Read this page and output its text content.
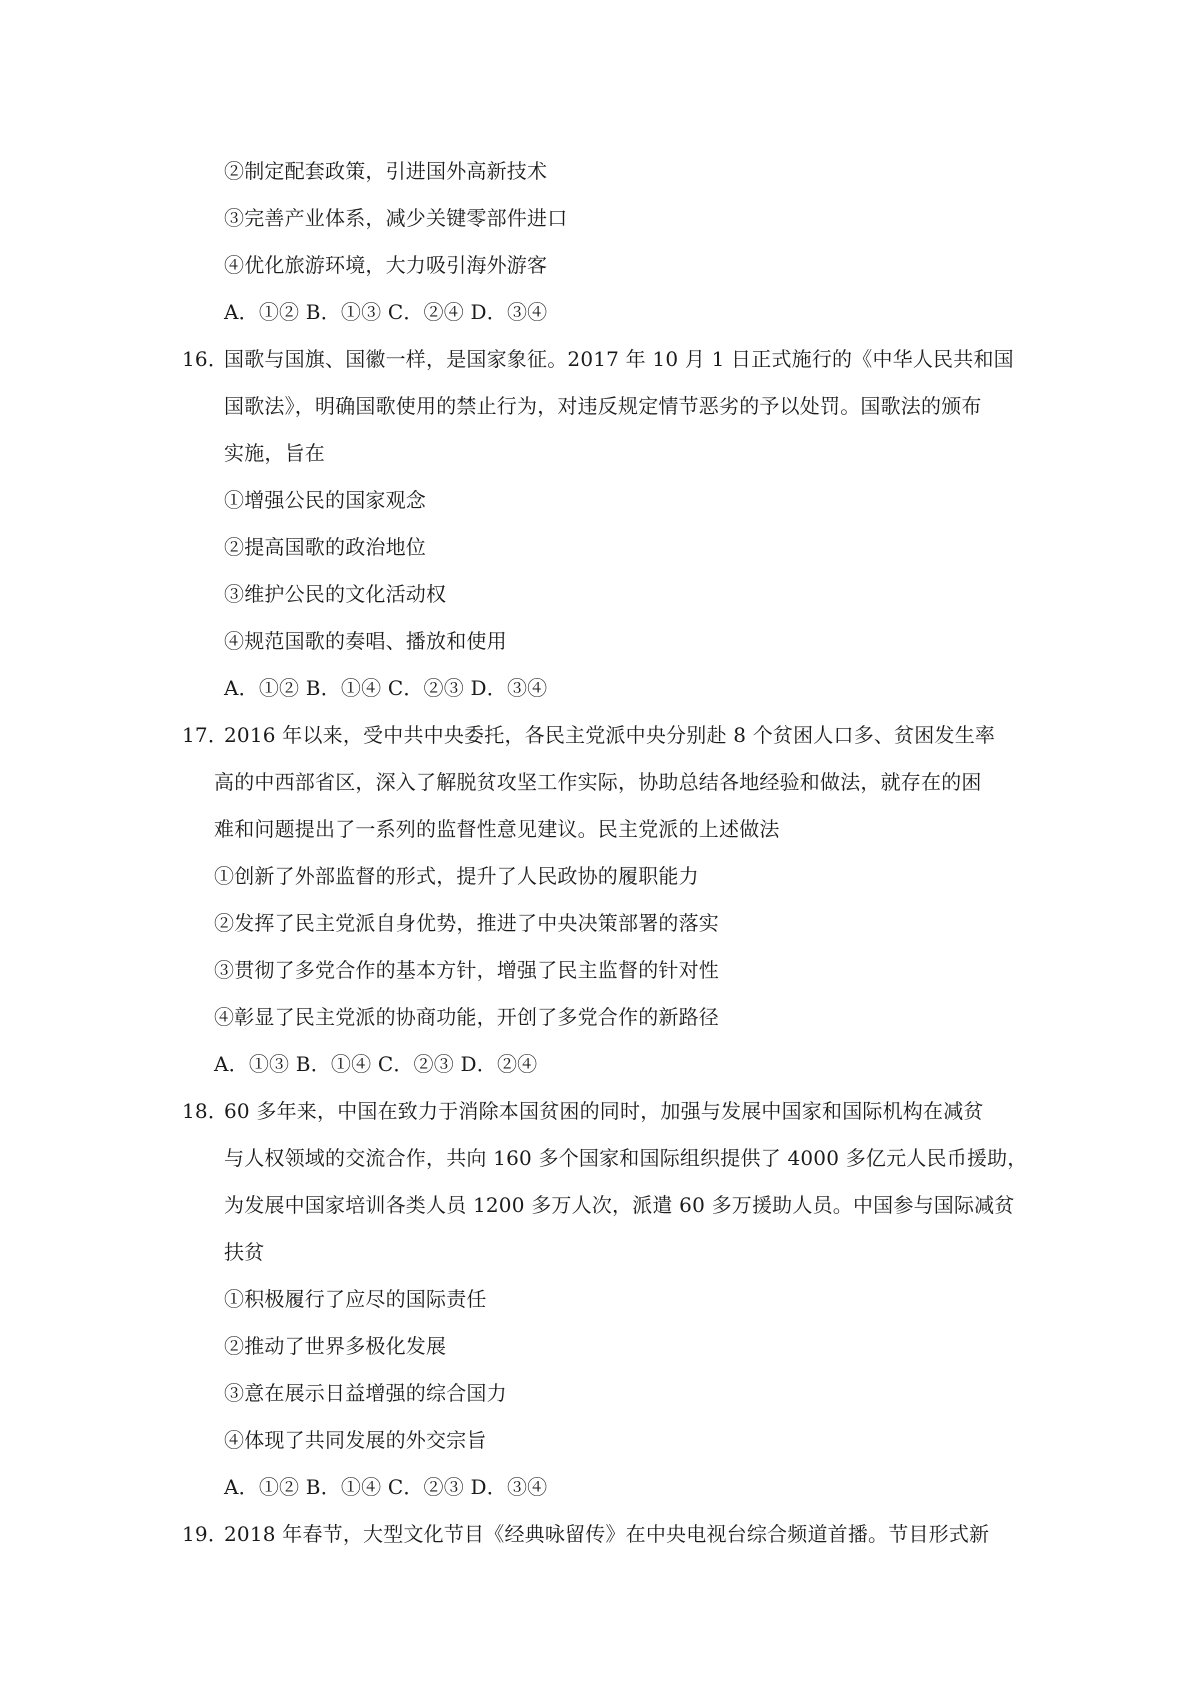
②制定配套政策，引进国外高新技术
③完善产业体系，减少关键零部件进口
④优化旅游环境，大力吸引海外游客
A．①② B．①③ C．②④ D．③④
16．国歌与国旗、国徽一样，是国家象征。2017 年 10 月 1 日正式施行的《中华人民共和国
国歌法》，明确国歌使用的禁止行为，对违反规定情节恶劣的予以处罚。国歌法的颁布
实施，旨在
①增强公民的国家观念
②提高国歌的政治地位
③维护公民的文化活动权
④规范国歌的奏唱、播放和使用
A．①② B．①④ C．②③ D．③④
17．2016 年以来，受中共中央委托，各民主党派中央分别赴 8 个贫困人口多、贫困发生率
高的中西部省区，深入了解脱贫攻坚工作实际，协助总结各地经验和做法，就存在的困
难和问题提出了一系列的监督性意见建议。民主党派的上述做法
①创新了外部监督的形式，提升了人民政协的履职能力
②发挥了民主党派自身优势，推进了中央决策部署的落实
③贯彻了多党合作的基本方针，增强了民主监督的针对性
④彰显了民主党派的协商功能，开创了多党合作的新路径
A．①③ B．①④ C．②③ D．②④
18．60 多年来，中国在致力于消除本国贫困的同时，加强与发展中国家和国际机构在减贫
与人权领域的交流合作，共向 160 多个国家和国际组织提供了 4000 多亿元人民币援助，
为发展中国家培训各类人员 1200 多万人次，派遣 60 多万援助人员。中国参与国际减贫
扶贫
①积极履行了应尽的国际责任
②推动了世界多极化发展
③意在展示日益增强的综合国力
④体现了共同发展的外交宗旨
A．①② B．①④ C．②③ D．③④
19．2018 年春节，大型文化节目《经典咏留传》在中央电视台综合频道首播。节目形式新
